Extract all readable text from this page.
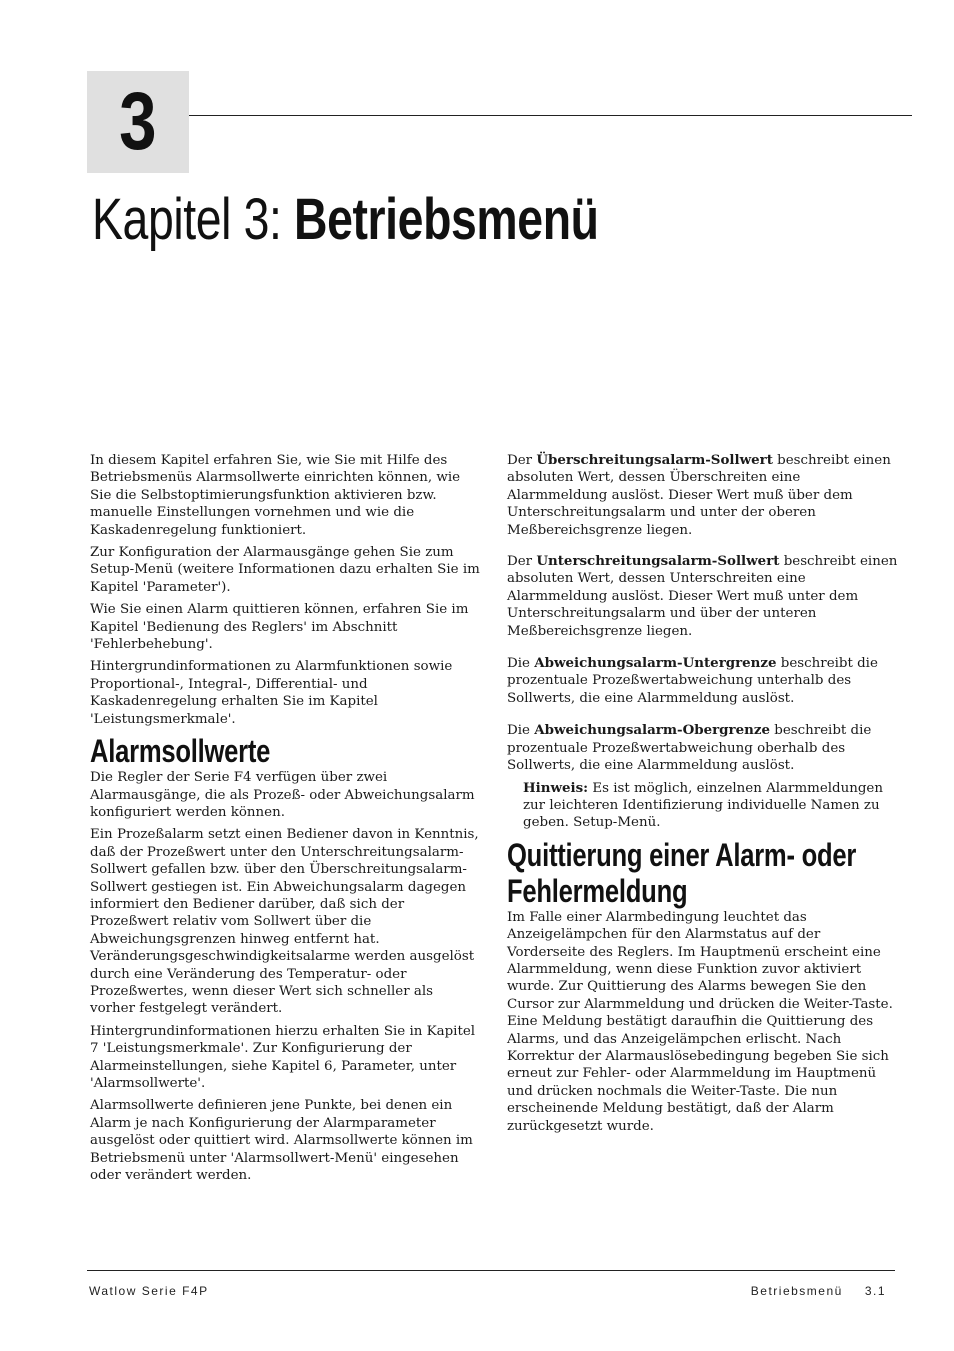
3
Kapitel 3: Betriebsmenü

In diesem Kapitel erfahren Sie, wie Sie mit Hilfe des Betriebsmenüs Alarmsollwerte einrichten können, wie Sie die Selbstoptimierungsfunktion aktivieren bzw. manuelle Einstellungen vornehmen und wie die Kaskadenregelung funktioniert.

Zur Konfiguration der Alarmausgänge gehen Sie zum Setup-Menü (weitere Informationen dazu erhalten Sie im Kapitel 'Parameter').

Wie Sie einen Alarm quittieren können, erfahren Sie im Kapitel 'Bedienung des Reglers' im Abschnitt 'Fehlerbehebung'.

Hintergrundinformationen zu Alarmfunktionen sowie Proportional-, Integral-, Differential- und Kaskadenregelung erhalten Sie im Kapitel 'Leistungsmerkmale'.

Alarmsollwerte

Die Regler der Serie F4 verfügen über zwei Alarmausgänge, die als Prozeß- oder Abweichungsalarm konfiguriert werden können.

Ein Prozeßalarm setzt einen Bediener davon in Kenntnis, daß der Prozeßwert unter den Unterschreitungsalarm-Sollwert gefallen bzw. über den Überschreitungsalarm-Sollwert gestiegen ist. Ein Abweichungsalarm dagegen informiert den Bediener darüber, daß sich der Prozeßwert relativ vom Sollwert über die Abweichungsgrenzen hinweg entfernt hat. Veränderungsgeschwindigkeitsalarme werden ausgelöst durch eine Veränderung des Temperatur- oder Prozeßwertes, wenn dieser Wert sich schneller als vorher festgelegt verändert.

Hintergrundinformationen hierzu erhalten Sie in Kapitel 7 'Leistungsmerkmale'. Zur Konfigurierung der Alarmeinstellungen, siehe Kapitel 6, Parameter, unter 'Alarmsollwerte'.

Alarmsollwerte definieren jene Punkte, bei denen ein Alarm je nach Konfigurierung der Alarmparameter ausgelöst oder quittiert wird. Alarmsollwerte können im Betriebsmenü unter 'Alarmsollwert-Menü' eingesehen oder verändert werden.

Der Überschreitungsalarm-Sollwert beschreibt einen absoluten Wert, dessen Überschreiten eine Alarmmeldung auslöst. Dieser Wert muß über dem Unterschreitungsalarm und unter der oberen Meßbereichsgrenze liegen.

Der Unterschreitungsalarm-Sollwert beschreibt einen absoluten Wert, dessen Unterschreiten eine Alarmmeldung auslöst. Dieser Wert muß unter dem Unterschreitungsalarm und über der unteren Meßbereichsgrenze liegen.

Die Abweichungsalarm-Untergrenze beschreibt die prozentuale Prozeßwertabweichung unterhalb des Sollwerts, die eine Alarmmeldung auslöst.

Die Abweichungsalarm-Obergrenze beschreibt die prozentuale Prozeßwertabweichung oberhalb des Sollwerts, die eine Alarmmeldung auslöst.

Hinweis: Es ist möglich, einzelnen Alarmmeldungen zur leichteren Identifizierung individuelle Namen zu geben. Setup-Menü.

Quittierung einer Alarm- oder
Fehlermeldung

Im Falle einer Alarmbedingung leuchtet das Anzeigelämpchen für den Alarmstatus auf der Vorderseite des Reglers. Im Hauptmenü erscheint eine Alarmmeldung, wenn diese Funktion zuvor aktiviert wurde. Zur Quittierung des Alarms bewegen Sie den Cursor zur Alarmmeldung und drücken die Weiter-Taste. Eine Meldung bestätigt daraufhin die Quittierung des Alarms, und das Anzeigelämpchen erlischt. Nach Korrektur der Alarmauslösebedingung begeben Sie sich erneut zur Fehler- oder Alarmmeldung im Hauptmenü und drücken nochmals die Weiter-Taste. Die nun erscheinende Meldung bestätigt, daß der Alarm zurückgesetzt wurde.

Watlow Serie F4P	Betriebsmenü 3.1
